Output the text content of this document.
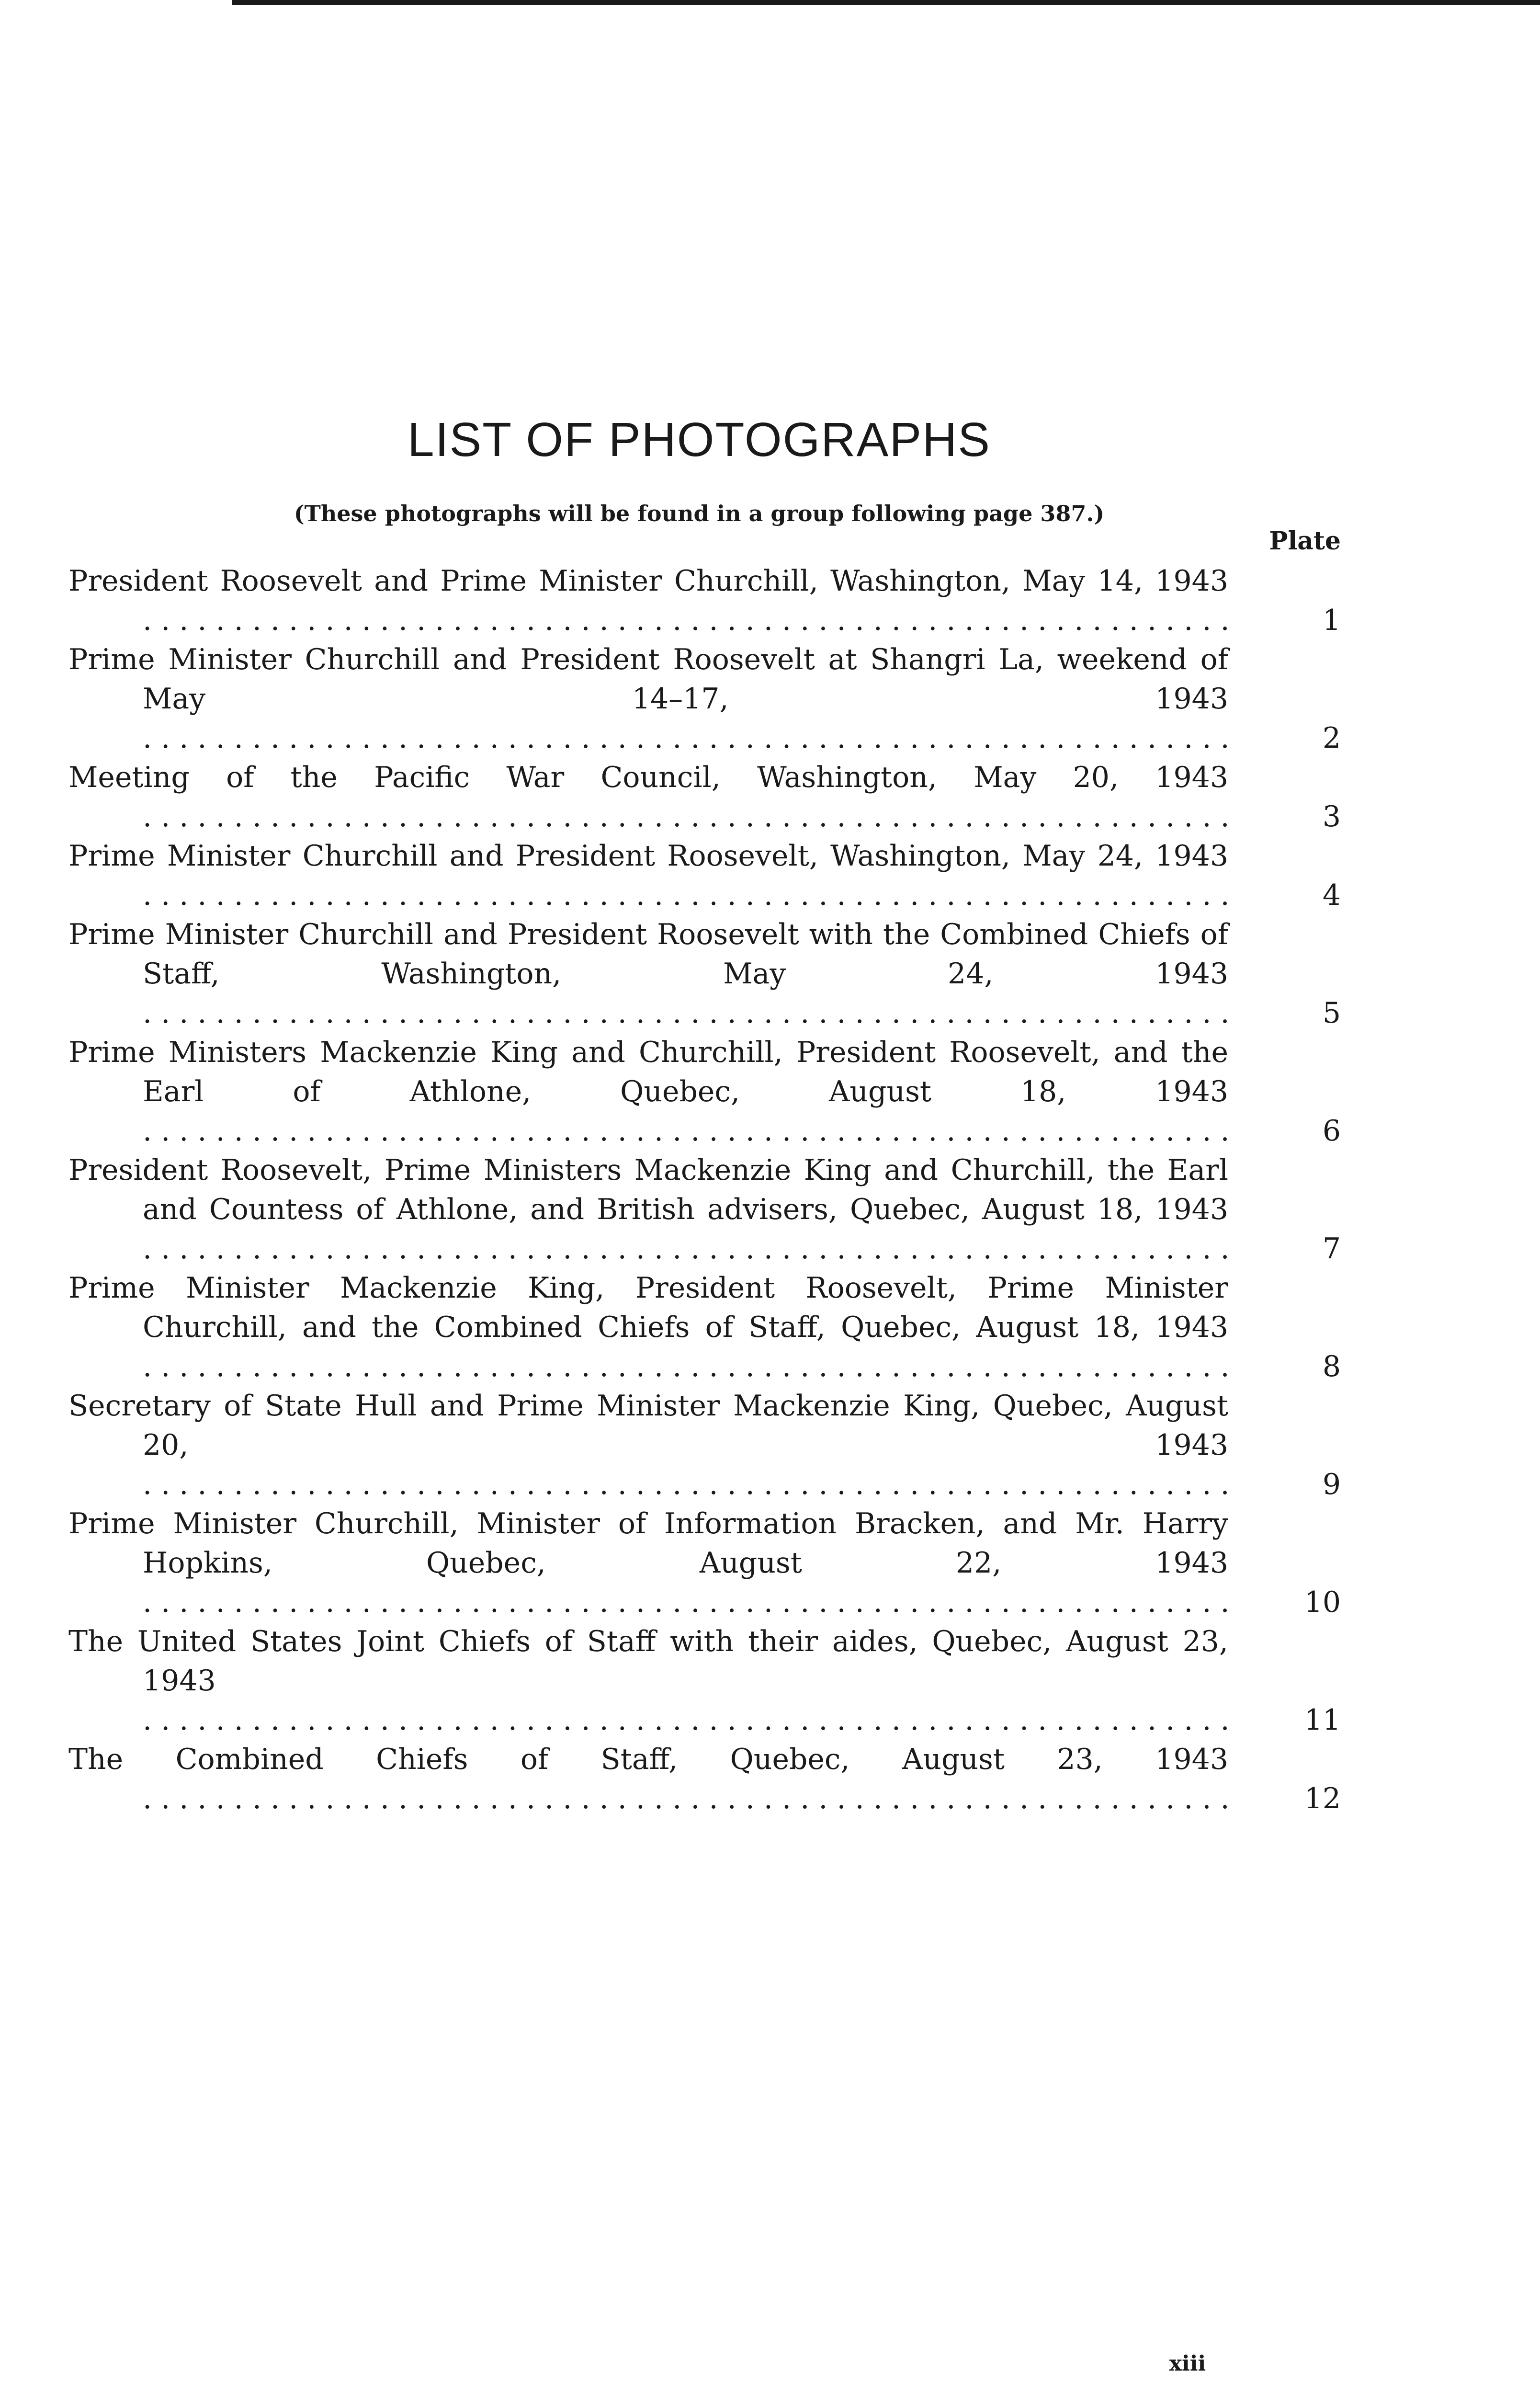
LIST OF PHOTOGRAPHS
(These photographs will be found in a group following page 387.)
Plate
President Roosevelt and Prime Minister Churchill, Washington, May 14, 1943 . . .
1
Prime Minister Churchill and President Roosevelt at Shangri La, weekend of May 14–17, 1943 . . .
2
Meeting of the Pacific War Council, Washington, May 20, 1943 . . .
3
Prime Minister Churchill and President Roosevelt, Washington, May 24, 1943 . . .
4
Prime Minister Churchill and President Roosevelt with the Combined Chiefs of Staff, Washington, May 24, 1943 . . .
5
Prime Ministers Mackenzie King and Churchill, President Roosevelt, and the Earl of Athlone, Quebec, August 18, 1943 . . .
6
President Roosevelt, Prime Ministers Mackenzie King and Churchill, the Earl and Countess of Athlone, and British advisers, Quebec, August 18, 1943 . . .
7
Prime Minister Mackenzie King, President Roosevelt, Prime Minister Churchill, and the Combined Chiefs of Staff, Quebec, August 18, 1943 . . .
8
Secretary of State Hull and Prime Minister Mackenzie King, Quebec, August 20, 1943 . . .
9
Prime Minister Churchill, Minister of Information Bracken, and Mr. Harry Hopkins, Quebec, August 22, 1943 . . .
10
The United States Joint Chiefs of Staff with their aides, Quebec, August 23, 1943 . . .
11
The Combined Chiefs of Staff, Quebec, August 23, 1943 . . .
12
xiii
